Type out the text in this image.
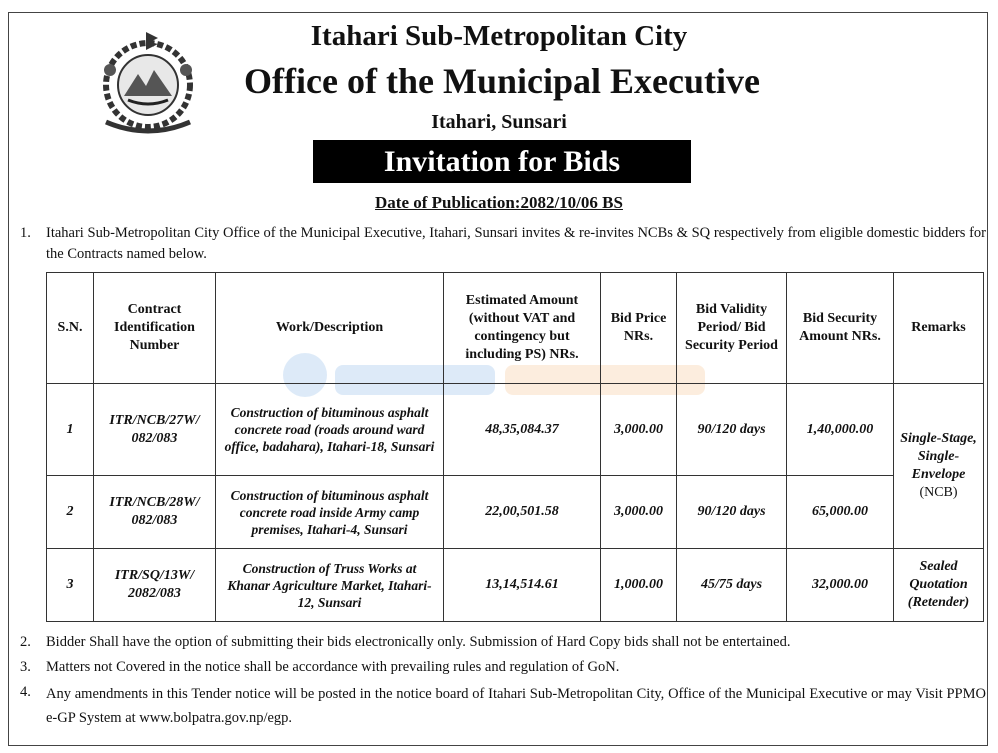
Itahari Sub-Metropolitan City
Office of the Municipal Executive
Itahari, Sunsari
Invitation for Bids
Date of Publication:2082/10/06 BS
1. Itahari Sub-Metropolitan City Office of the Municipal Executive, Itahari, Sunsari invites & re-invites NCBs & SQ respectively from eligible domestic bidders for the Contracts named below.
S.N.	Contract Identification Number	Work/Description	Estimated Amount (without VAT and contingency but including PS) NRs.	Bid Price NRs.	Bid Validity Period/ Bid Security Period	Bid Security Amount NRs.	Remarks
1	ITR/NCB/27W/ 082/083	Construction of bituminous asphalt concrete road (roads around ward office, badahara), Itahari-18, Sunsari	48,35,084.37	3,000.00	90/120 days	1,40,000.00	Single-Stage, Single-Envelope
(NCB)

2	ITR/NCB/28W/ 082/083	Construction of bituminous asphalt concrete road inside Army camp premises, Itahari-4, Sunsari	22,00,501.58	3,000.00	90/120 days	65,000.00	
3	ITR/SQ/13W/ 2082/083	Construction of Truss Works at Khanar Agriculture Market, Itahari-12, Sunsari	13,14,514.61	1,000.00	45/75 days	32,000.00	Sealed Quotation (Retender)
2. Bidder Shall have the option of submitting their bids electronically only. Submission of Hard Copy bids shall not be entertained.
3. Matters not Covered in the notice shall be accordance with prevailing rules and regulation of GoN.
4. Any amendments in this Tender notice will be posted in the notice board of Itahari Sub-Metropolitan City, Office of the Municipal Executive or may Visit PPMO e-GP System at www.bolpatra.gov.np/egp.
